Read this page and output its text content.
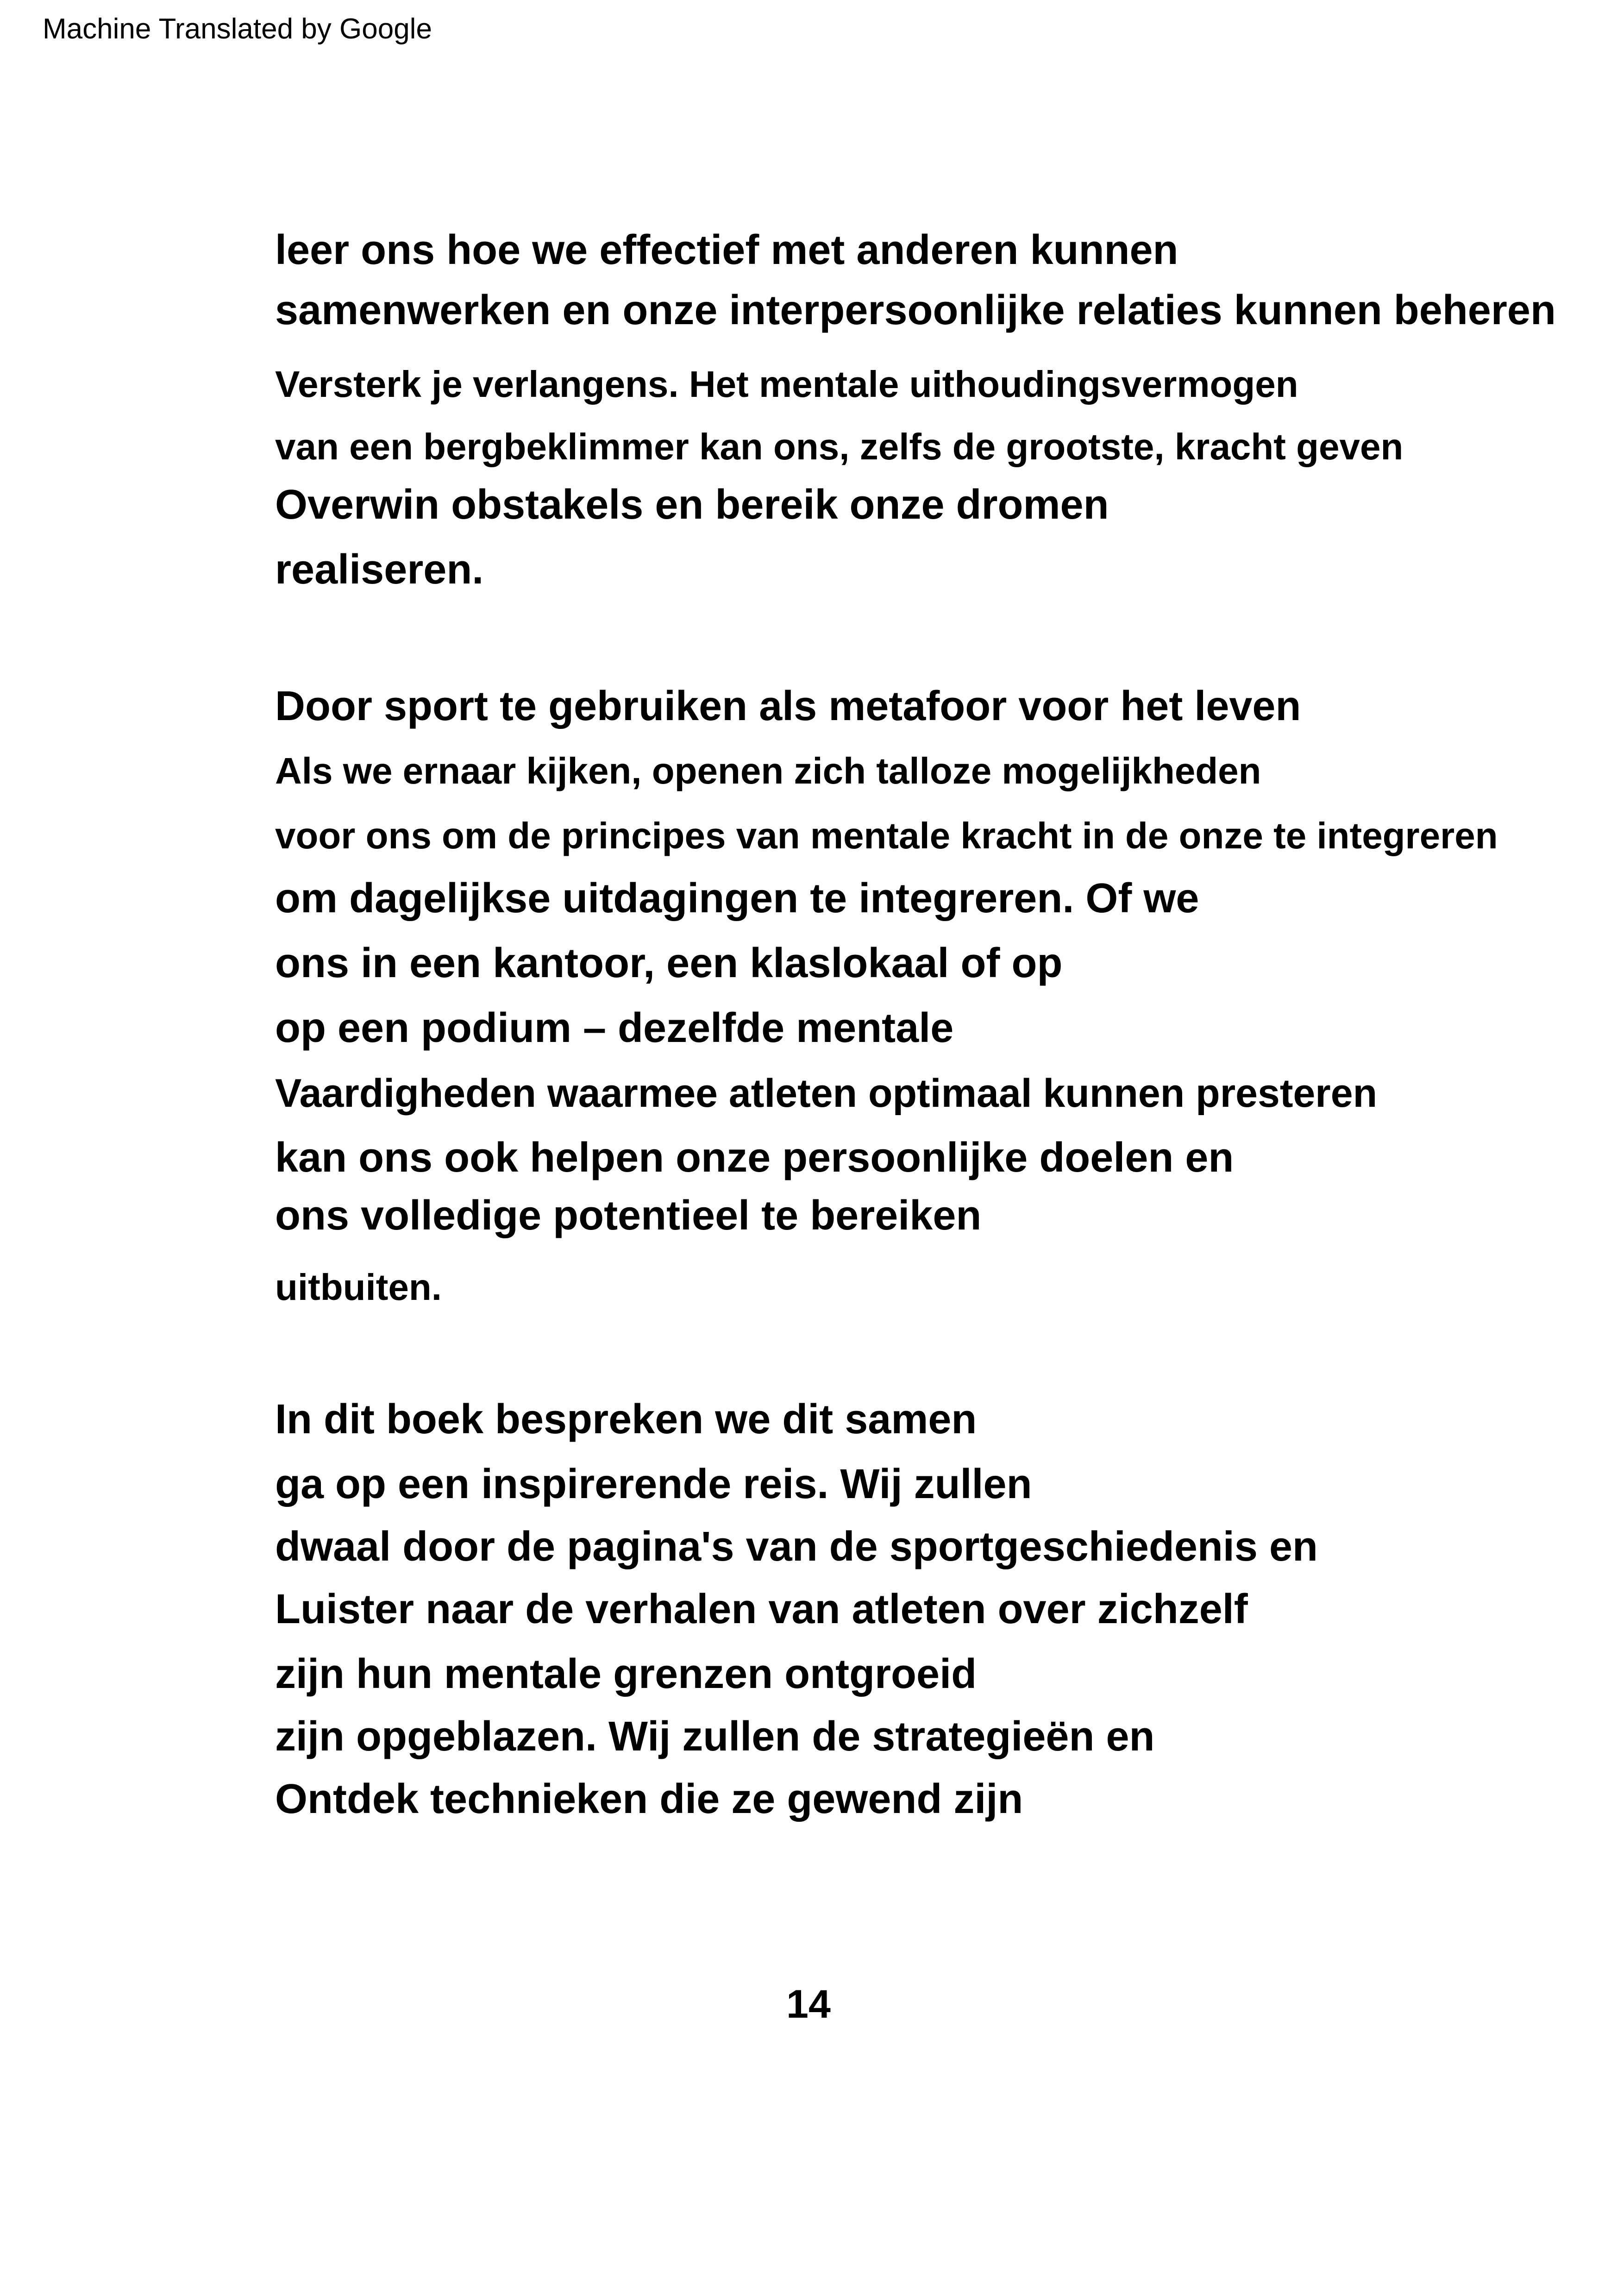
Machine Translated by Google
leer ons hoe we effectief met anderen kunnen
samenwerken en onze interpersoonlijke relaties kunnen beheren
Versterk je verlangens. Het mentale uithoudingsvermogen
van een bergbeklimmer kan ons, zelfs de grootste, kracht geven
Overwin obstakels en bereik onze dromen
realiseren.
Door sport te gebruiken als metafoor voor het leven
Als we ernaar kijken, openen zich talloze mogelijkheden
voor ons om de principes van mentale kracht in de onze te integreren
om dagelijkse uitdagingen te integreren. Of we
ons in een kantoor, een klaslokaal of op
op een podium – dezelfde mentale
Vaardigheden waarmee atleten optimaal kunnen presteren
kan ons ook helpen onze persoonlijke doelen en
ons volledige potentieel te bereiken
uitbuiten.
In dit boek bespreken we dit samen
ga op een inspirerende reis. Wij zullen
dwaal door de pagina's van de sportgeschiedenis en
Luister naar de verhalen van atleten over zichzelf
zijn hun mentale grenzen ontgroeid
zijn opgeblazen. Wij zullen de strategieën en
Ontdek technieken die ze gewend zijn
14
